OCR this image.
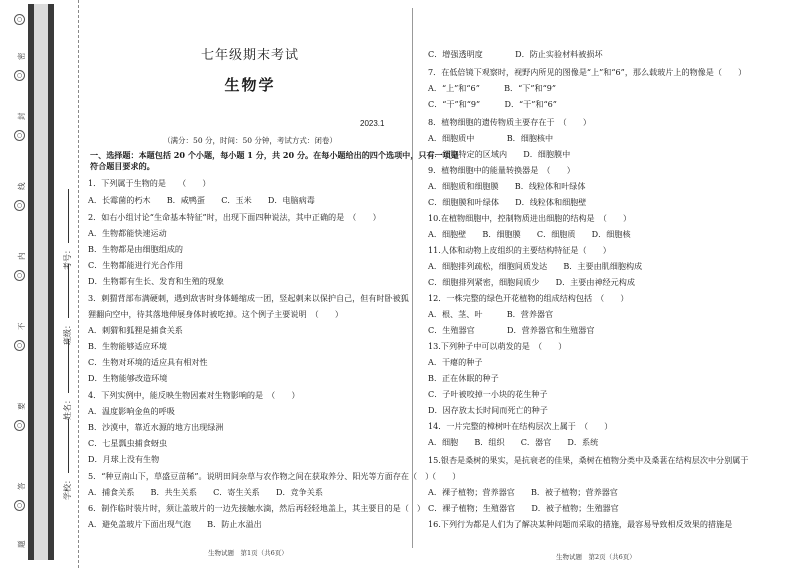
○
○
○
○
○
○
○
○
密
封
线
内
不
要
答
题
考号：
班级：
姓名：
学校：
七年级期末考试
生物学
2023.1
（满分：50 分，时间：50 分钟，考试方式：闭卷）
一、选择题：本题包括 20 个小题，每小题 1 分，共 20 分。在每小题给出的四个选项中，只有一项是
符合题目要求的。
1．下列属于生物的是　　（　　）
A．长霉菌的朽木　　B．咸鸭蛋　　C．玉米　　D．电脑病毒
2．如右小组讨论“生命基本特征”时，出现下面四种说法，其中正确的是　（　　）
A．生物都能快速运动
B．生物都是由细胞组成的
C．生物都能进行光合作用
D．生物都有生长、发育和生殖的现象
3．刺猬背部布满硬刺，遇到敌害时身体蜷缩成一团，竖起刺来以保护自己，但有时卧被狐
狸翻向空中，待其落地伸展身体时被吃掉。这个例子主要说明　（　　）
A．刺猬和狐狸是捕食关系
B．生物能够适应环境
C．生物对环境的适应具有相对性
D．生物能够改造环境
4．下列实例中，能反映生物因素对生物影响的是　（　　）
A．温度影响金鱼的呼吸
B．沙漠中，靠近水源的地方出现绿洲
C．七星瓢虫捕食蚜虫
D．月球上没有生物
5．“种豆南山下，草盛豆苗稀”。说明田间杂草与农作物之间在获取养分、阳光等方面存在（　）
A．捕食关系　　B．共生关系　　C．寄生关系　　D．竞争关系
6．制作临时装片时，须让盖玻片的一边先接触水滴，然后再轻轻地盖上，其主要目的是（　）
A．避免盖玻片下面出现气泡　　B．防止水溢出
C．增强透明度　　　　D．防止实验材料被损坏
7．在低倍镜下观察时，视野内所见的图像是“上”和“6”，那么载玻片上的物像是（　　）
A．“上”和“6”　　　B．“下”和“9”
C．“干”和“9”　　　D．“干”和“6”
8．植物细胞的遗传物质主要存在于　（　　）
A．细胞质中　　　　B．细胞核中
C．细胞特定的区域内　　D．细胞膜中
9．植物细胞中的能量转换器是　（　　）
A．细胞质和细胞膜　　B．线粒体和叶绿体
C．细胞膜和叶绿体　　D．线粒体和细胞壁
10.在植物细胞中，控制物质进出细胞的结构是　（　　）
A．细胞壁　　B．细胞膜　　C．细胞质　　D．细胞核
11.人体和动物上皮组织的主要结构特征是（　　）
A．细胞排列疏松，细胞间质发达　　B．主要由肌细胞构成
C．细胞排列紧密，细胞间质少　　D．主要由神经元构成
12．一株完整的绿色开花植物的组成结构包括　（　　）
A．根、茎、叶　　　B．营养器官
C．生殖器官　　　　D．营养器官和生殖器官
13.下列种子中可以萌发的是　（　　）
A．干瘪的种子
B．正在休眠的种子
C．子叶被咬掉一小块的花生种子
D．因存放太长时间而死亡的种子
14．一片完整的樟树叶在结构层次上属于　（　　）
A．细胞　　B．组织　　C．器官　　D．系统
15.银杏是桑树的果实，是抗衰老的佳果，桑树在植物分类中及桑葚在结构层次中分别属于
（　　）
A．裸子植物；营养器官　　B．被子植物；营养器官
C．裸子植物；生殖器官　　D．被子植物；生殖器官
16.下列行为都是人们为了解决某种问题而采取的措施，最容易导致相反效果的措施是
生物试题　第1页（共6页）	生物试题　第2页（共6页）
